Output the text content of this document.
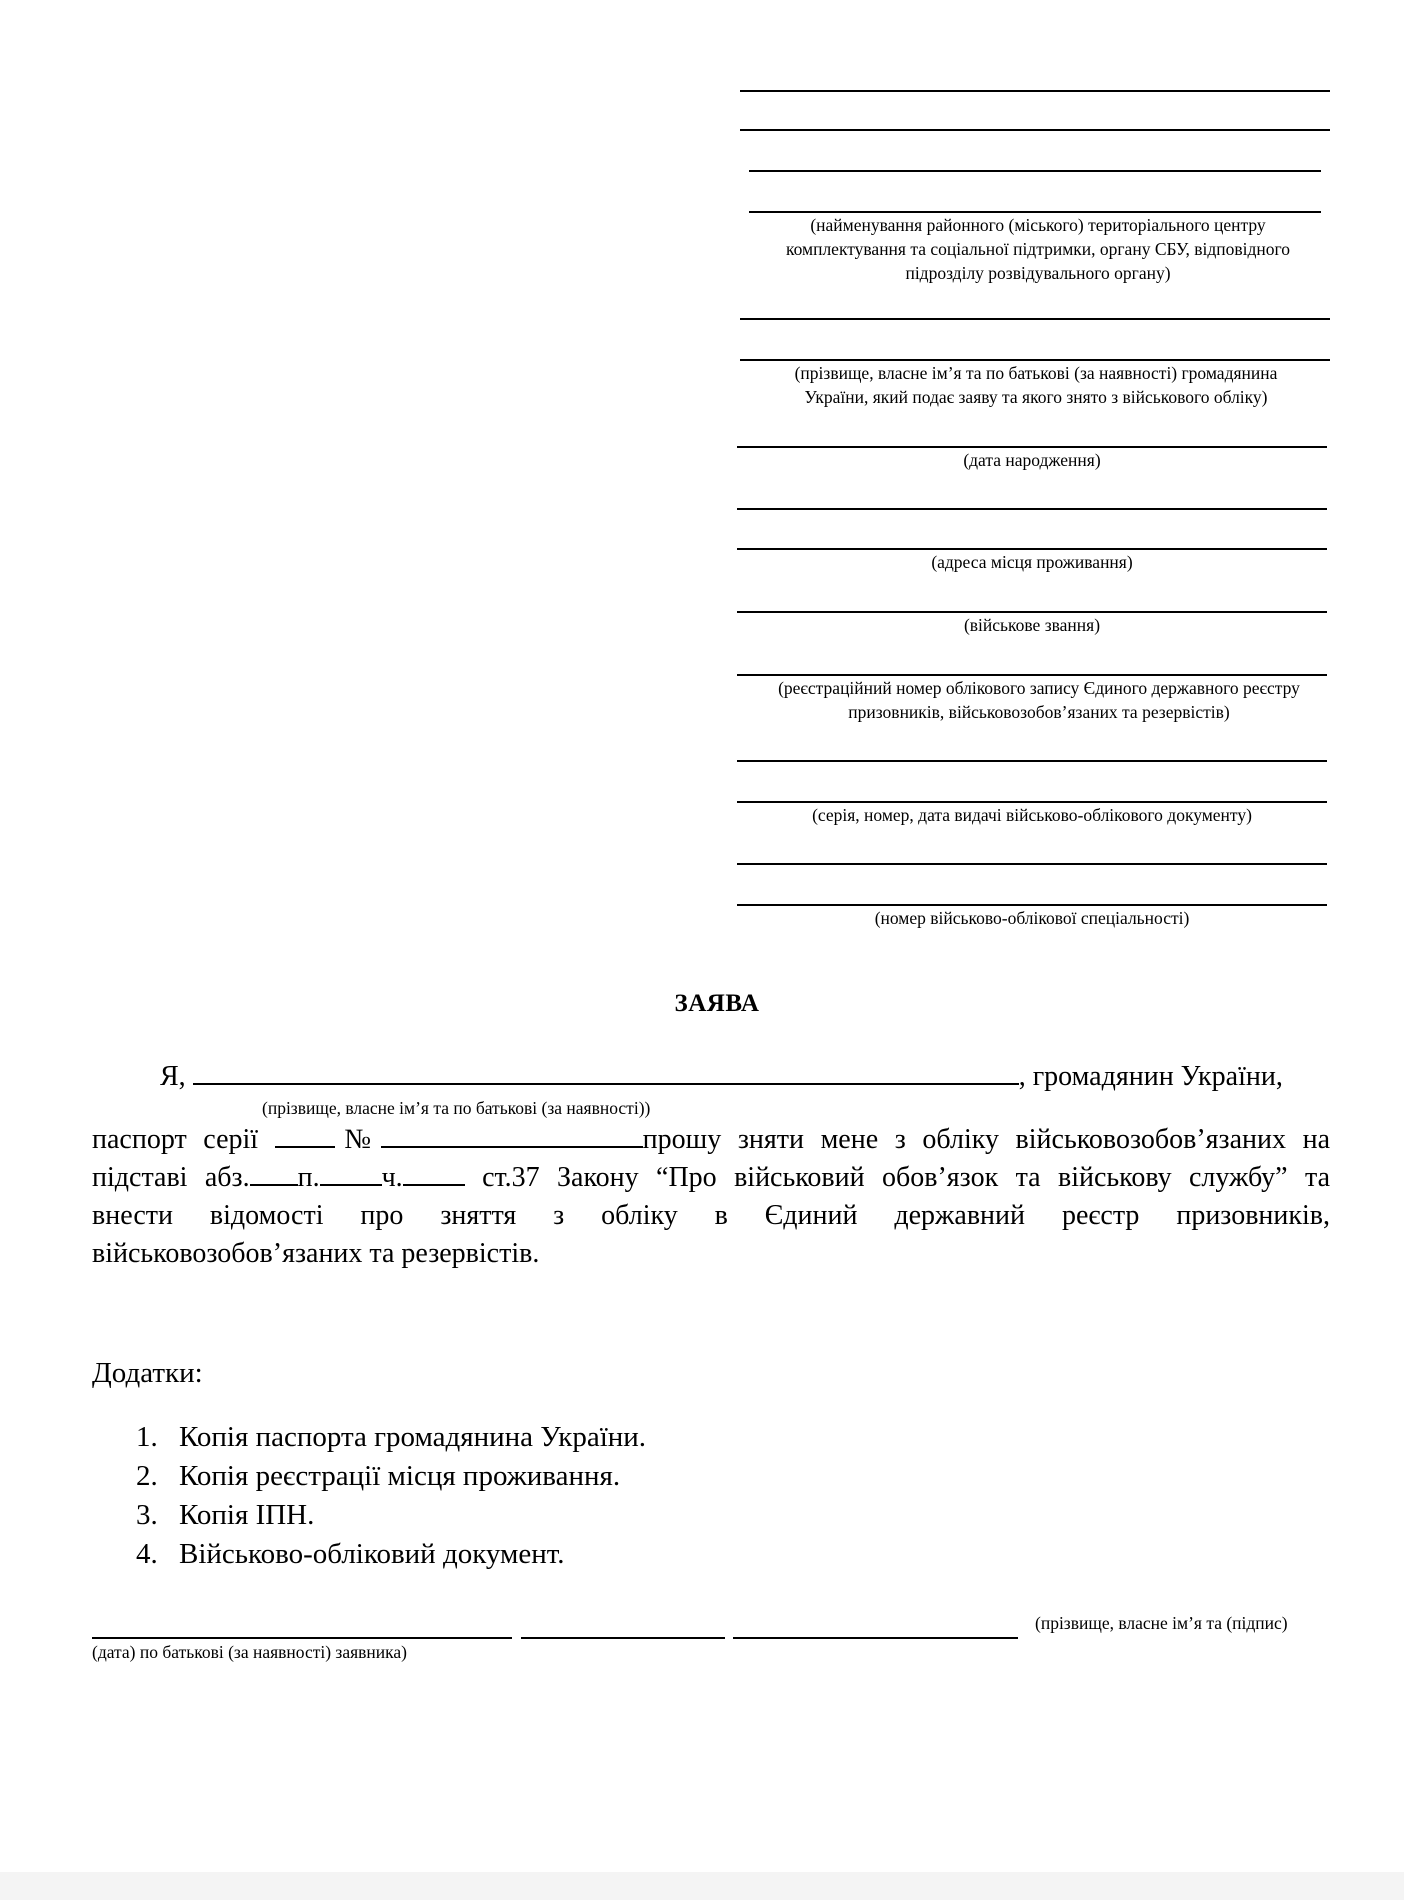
(найменування районного (міського) територіального центру комплектування та соціальної підтримки, органу СБУ, відповідного підрозділу розвідувального органу)
(прізвище, власне ім’я та по батькові (за наявності) громадянина України, який подає заяву та якого знято з військового обліку)
(дата народження)
(адреса місця проживання)
(військове звання)
(реєстраційний номер облікового запису Єдиного державного реєстру призовників, військовозобов’язаних та резервістів)
(серія, номер, дата видачі військово-облікового документу)
(номер військово-облікової спеціальності)
ЗАЯВА
Я,	, громадянин України,
(прізвище, власне ім’я та по батькові (за наявності))
паспорт серії	№	прошу зняти мене з обліку військовозобов’язаних на
підставі абз. п. ч.	ст.37 Закону “Про військовий обов’язок та військову службу” та
внести відомості про зняття з обліку в Єдиний державний реєстр призовників,
військовозобов’язаних та резервістів.
Додатки:
1. Копія паспорта громадянина України.
2. Копія реєстрації місця проживання.
3. Копія ІПН.
4. Військово-обліковий документ.
(прізвище, власне ім’я та (підпис)
(дата) по батькові (за наявності) заявника)
